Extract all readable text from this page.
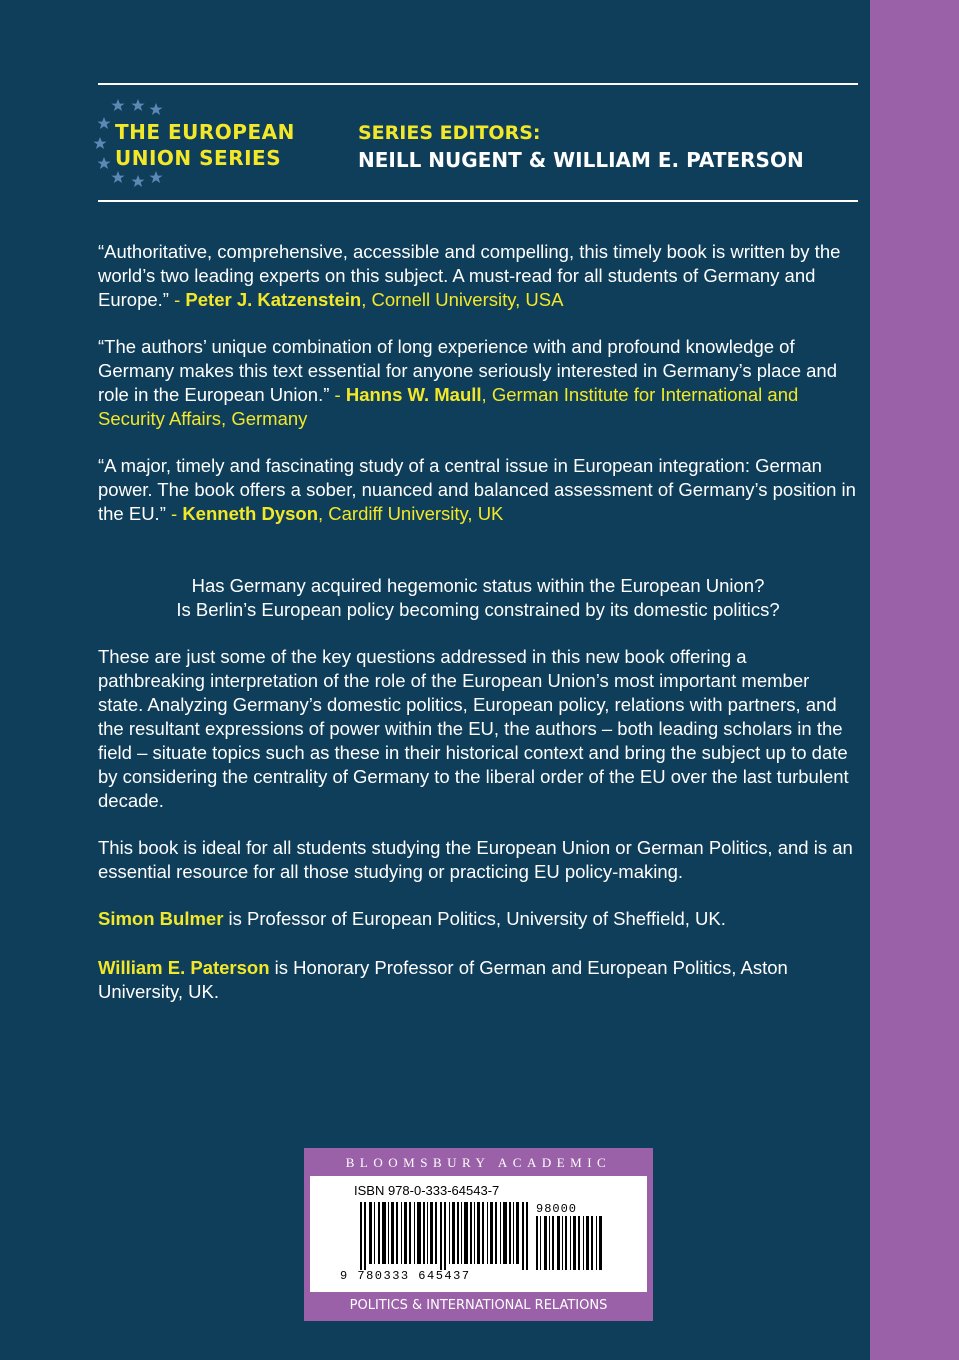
THE EUROPEAN
UNION SERIES
SERIES EDITORS:
NEILL NUGENT & WILLIAM E. PATERSON

“Authoritative, comprehensive, accessible and compelling, this timely book is written by the world’s two leading experts on this subject. A must-read for all students of Germany and Europe.” - Peter J. Katzenstein, Cornell University, USA

“The authors’ unique combination of long experience with and profound knowledge of Germany makes this text essential for anyone seriously interested in Germany’s place and role in the European Union.” - Hanns W. Maull, German Institute for International and Security Affairs, Germany

“A major, timely and fascinating study of a central issue in European integration: German power. The book offers a sober, nuanced and balanced assessment of Germany’s position in the EU.” - Kenneth Dyson, Cardiff University, UK

Has Germany acquired hegemonic status within the European Union?

Is Berlin’s European policy becoming constrained by its domestic politics?

These are just some of the key questions addressed in this new book offering a pathbreaking interpretation of the role of the European Union’s most important member state. Analyzing Germany’s domestic politics, European policy, relations with partners, and the resultant expressions of power within the EU, the authors – both leading scholars in the field – situate topics such as these in their historical context and bring the subject up to date by considering the centrality of Germany to the liberal order of the EU over the last turbulent decade.

This book is ideal for all students studying the European Union or German Politics, and is an essential resource for all those studying or practicing EU policy-making.

Simon Bulmer is Professor of European Politics, University of Sheffield, UK.

William E. Paterson is Honorary Professor of German and European Politics, Aston University, UK.

BLOOMSBURY ACADEMIC
ISBN 978-0-333-64543-7
98000
9 780333 645437
POLITICS & INTERNATIONAL RELATIONS
